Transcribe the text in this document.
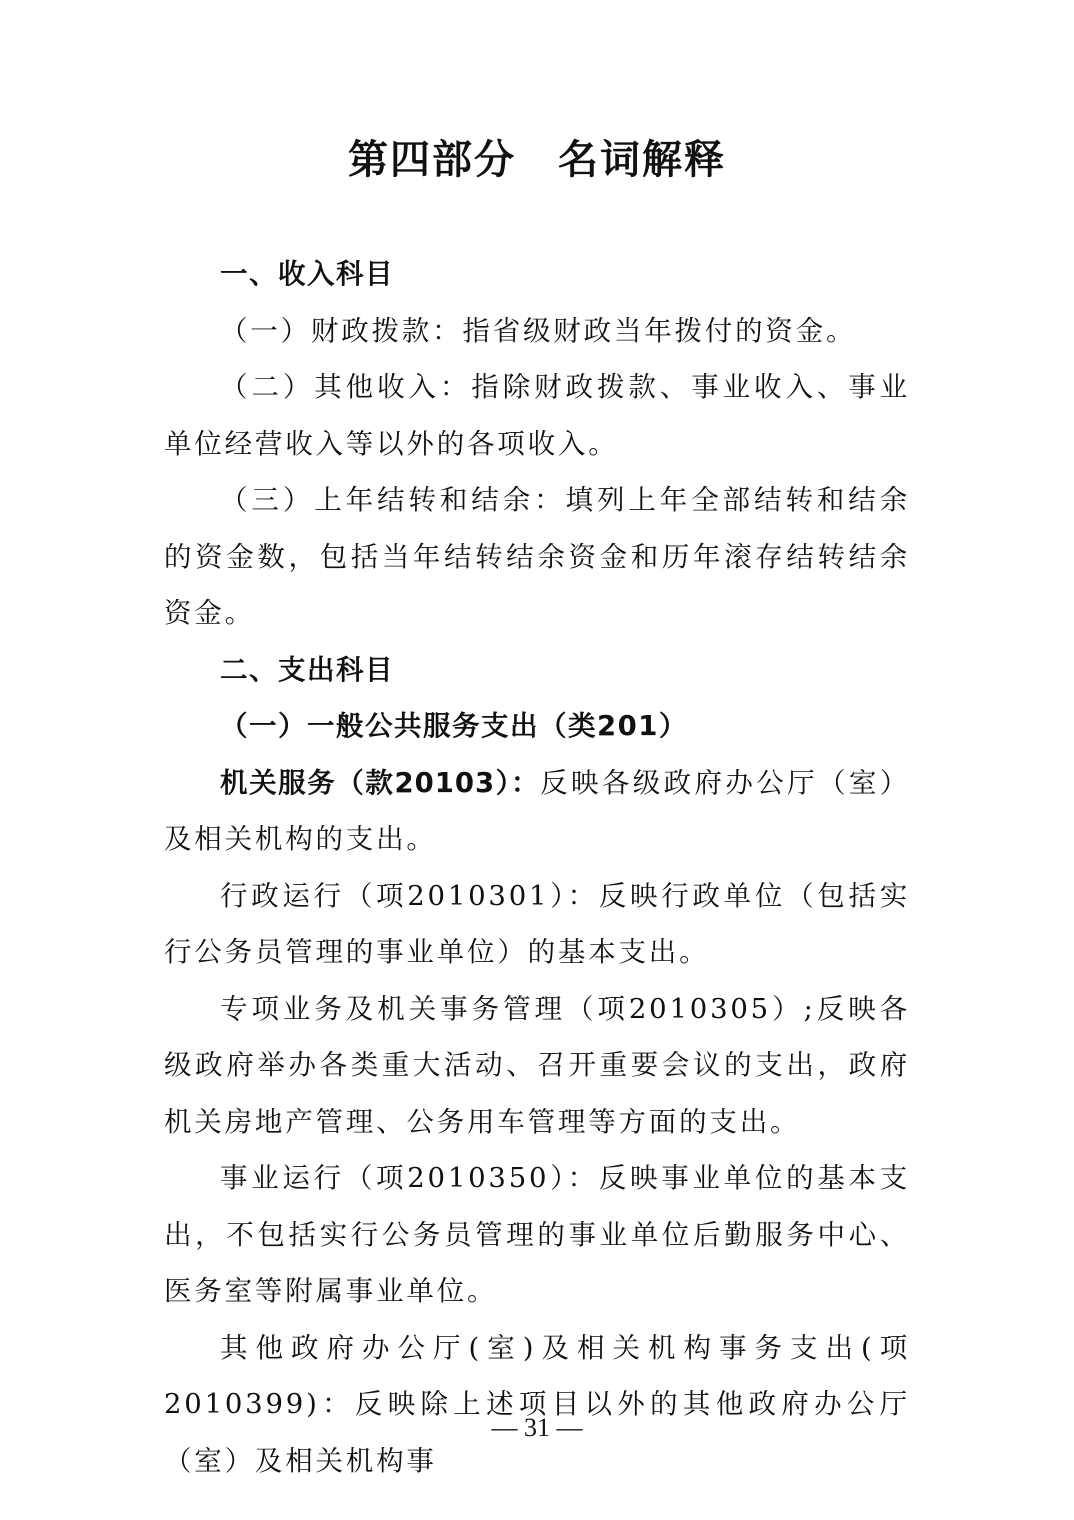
第四部分　名词解释

一、收入科目

（一）财政拨款：指省级财政当年拨付的资金。

（二）其他收入：指除财政拨款、事业收入、事业单位经营收入等以外的各项收入。

（三）上年结转和结余：填列上年全部结转和结余的资金数，包括当年结转结余资金和历年滚存结转结余资金。

二、支出科目

（一）一般公共服务支出（类201）

机关服务（款20103）：反映各级政府办公厅（室）及相关机构的支出。

行政运行（项2010301）：反映行政单位（包括实行公务员管理的事业单位）的基本支出。

专项业务及机关事务管理（项2010305）;反映各级政府举办各类重大活动、召开重要会议的支出，政府机关房地产管理、公务用车管理等方面的支出。

事业运行（项2010350）：反映事业单位的基本支出，不包括实行公务员管理的事业单位后勤服务中心、医务室等附属事业单位。

其他政府办公厅(室)及相关机构事务支出(项2010399)：反映除上述项目以外的其他政府办公厅（室）及相关机构事

— 31 —
